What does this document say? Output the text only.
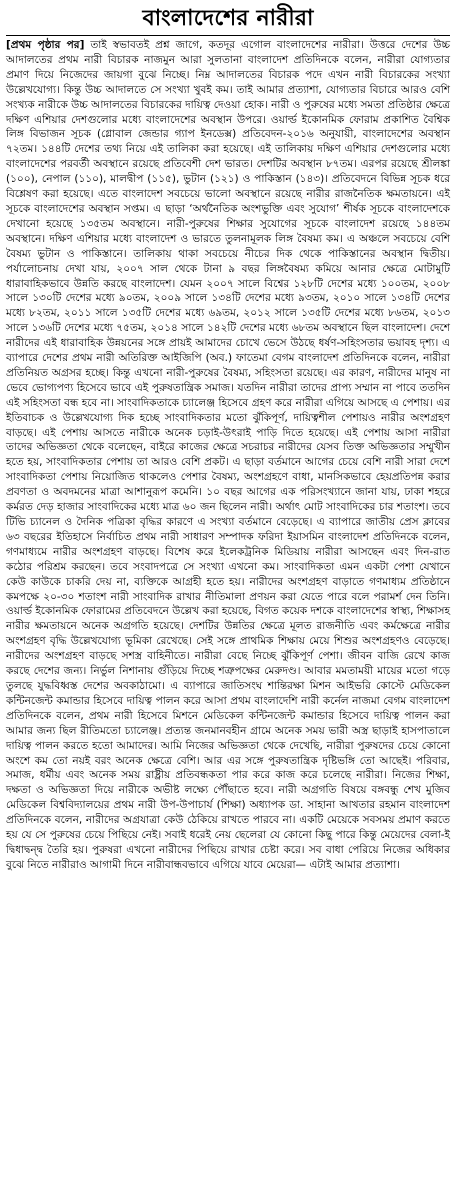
বাংলাদেশের নারীরা

[প্রথম পৃষ্ঠার পর] তাই স্বভাবতই প্রশ্ন জাগে, কতদূর এগোল বাংলাদেশের নারীরা। উত্তরে দেশের উচ্চ আদালতের প্রথম নারী বিচারক নাজমুন আরা সুলতানা বাংলাদেশ প্রতিদিনকে বলেন, নারীরা যোগ্যতার প্রমাণ দিয়ে নিজেদের জায়গা বুঝে নিচ্ছে। নিম্ন আদালতের বিচারক পদে এখন নারী বিচারকের সংখ্যা উল্লেখযোগ্য। কিন্তু উচ্চ আদালতে সে সংখ্যা খুবই কম। তাই আমার প্রত্যাশা, যোগ্যতার বিচারে আরও বেশি সংখ্যক নারীকে উচ্চ আদালতের বিচারকের দায়িত্ব দেওয়া হোক। নারী ও পুরুষের মধ্যে সমতা প্রতিষ্ঠার ক্ষেত্রে দক্ষিণ এশিয়ার দেশগুলোর মধ্যে বাংলাদেশের অবস্থান উপরে। ওয়ার্ল্ড ইকোনমিক ফোরাম প্রকাশিত বৈশ্বিক লিঙ্গ বিভাজন সূচক (গ্লোবাল জেন্ডার গ্যাপ ইনডেক্স) প্রতিবেদন-২০১৬ অনুযায়ী, বাংলাদেশের অবস্থান ৭২তম। ১৪৪টি দেশের তথ্য নিয়ে এই তালিকা করা হয়েছে। এই তালিকায় দক্ষিণ এশিয়ার দেশগুলোর মধ্যে বাংলাদেশের পরবর্তী অবস্থানে রয়েছে প্রতিবেশী দেশ ভারত। দেশটির অবস্থান ৮৭তম। এরপর রয়েছে শ্রীলঙ্কা (১০০), নেপাল (১১০), মালদ্বীপ (১১৫), ভুটান (১২১) ও পাকিস্তান (১৪৩)। প্রতিবেদনে বিভিন্ন সূচক ধরে বিশ্লেষণ করা হয়েছে। এতে বাংলাদেশ সবচেয়ে ভালো অবস্থানে রয়েছে নারীর রাজনৈতিক ক্ষমতায়নে। এই সূচকে বাংলাদেশের অবস্থান সপ্তম। এ ছাড়া ‘অর্থনৈতিক অংশভুক্তি এবং সুযোগ’ শীর্ষক সূচকে বাংলাদেশকে দেখানো হয়েছে ১৩৫তম অবস্থানে। নারী-পুরুষের শিক্ষার সুযোগের সূচকে বাংলাদেশ রয়েছে ১৪৪তম অবস্থানে। দক্ষিণ এশিয়ার মধ্যে বাংলাদেশ ও ভারতে তুলনামূলক লিঙ্গ বৈষম্য কম। এ অঞ্চলে সবচেয়ে বেশি বৈষম্য ভুটান ও পাকিস্তানে। তালিকায় থাকা সবচেয়ে নীচের দিক থেকে পাকিস্তানের অবস্থান দ্বিতীয়। পর্যালোচনায় দেখা যায়, ২০০৭ সাল থেকে টানা ৯ বছর লিঙ্গবৈষম্য কমিয়ে আনার ক্ষেত্রে মোটামুটি ধারাবাহিকভাবে উন্নতি করছে বাংলাদেশ। যেমন ২০০৭ সালে বিশ্বের ১২৮টি দেশের মধ্যে ১০০তম, ২০০৮ সালে ১৩০টি দেশের মধ্যে ৯০তম, ২০০৯ সালে ১৩৪টি দেশের মধ্যে ৯৩তম, ২০১০ সালে ১৩৪টি দেশের মধ্যে ৮২তম, ২০১১ সালে ১৩৫টি দেশের মধ্যে ৬৯তম, ২০১২ সালে ১৩৫টি দেশের মধ্যে ৮৬তম, ২০১৩ সালে ১৩৬টি দেশের মধ্যে ৭৫তম, ২০১৪ সালে ১৪২টি দেশের মধ্যে ৬৮তম অবস্থানে ছিল বাংলাদেশ। দেশে নারীদের এই ধারাবাহিক উন্নয়নের সঙ্গে প্রায়ই আমাদের চোখে ভেসে উঠছে ধর্ষণ-সহিংসতার ভয়াবহ দৃশ্য। এ ব্যাপারে দেশের প্রথম নারী অতিরিক্ত আইজিপি (অব.) ফাতেমা বেগম বাংলাদেশ প্রতিদিনকে বলেন, নারীরা প্রতিনিয়ত অগ্রসর হচ্ছে। কিন্তু এখনো নারী-পুরুষের বৈষম্য, সহিংসতা রয়েছে। এর কারণ, নারীদের মানুষ না ভেবে ভোগ্যপণ্য হিসেবে ভাবে এই পুরুষতান্ত্রিক সমাজ। যতদিন নারীরা তাদের প্রাপ্য সম্মান না পাবে ততদিন এই সহিংসতা বন্ধ হবে না। সাংবাদিকতাকে চ্যালেঞ্জ হিসেবে গ্রহণ করে নারীরা এগিয়ে আসছে এ পেশায়। এর ইতিবাচক ও উল্লেখযোগ্য দিক হচ্ছে সাংবাদিকতার মতো ঝুঁকিপূর্ণ, দায়িত্বশীল পেশায়ও নারীর অংশগ্রহণ বাড়ছে। এই পেশায় আসতে নারীকে অনেক চড়াই-উৎরাই পাড়ি দিতে হয়েছে। এই পেশায় আসা নারীরা তাদের অভিজ্ঞতা থেকে বলেছেন, বাইরে কাজের ক্ষেত্রে সচরাচর নারীদের যেসব তিক্ত অভিজ্ঞতার সম্মুখীন হতে হয়, সাংবাদিকতার পেশায় তা আরও বেশি প্রকট। এ ছাড়া বর্তমানে আগের চেয়ে বেশি নারী সারা দেশে সাংবাদিকতা পেশায় নিয়োজিত থাকলেও পেশার বৈষম্য, অংশগ্রহণে বাধা, মানসিকভাবে হেয়প্রতিপন্ন করার প্রবণতা ও অবদমনের মাত্রা আশানুরূপ কমেনি। ১০ বছর আগের এক পরিসংখ্যানে জানা যায়, ঢাকা শহরে কর্মরত দেড় হাজার সাংবাদিকের মধ্যে মাত্র ৬০ জন ছিলেন নারী। অর্থাৎ মোট সাংবাদিকের চার শতাংশ। তবে টিভি চ্যানেল ও দৈনিক পত্রিকা বৃদ্ধির কারণে এ সংখ্যা বর্তমানে বেড়েছে। এ ব্যাপারে জাতীয় প্রেস ক্লাবের ৬৩ বছরের ইতিহাসে নির্বাচিত প্রথম নারী সাধারণ সম্পাদক ফরিদা ইয়াসমিন বাংলাদেশ প্রতিদিনকে বলেন, গণমাধ্যমে নারীর অংশগ্রহণ বাড়ছে। বিশেষ করে ইলেকট্রনিক মিডিয়ায় নারীরা আসছেন এবং দিন-রাত কঠোর পরিশ্রম করছেন। তবে সংবাদপত্রে সে সংখ্যা এখনো কম। সাংবাদিকতা এমন একটা পেশা যেখানে কেউ কাউকে চাকরি দেয় না, ব্যক্তিকে আগ্রহী হতে হয়। নারীদের অংশগ্রহণ বাড়াতে গণমাধ্যম প্রতিষ্ঠানে কমপক্ষে ২০-৩০ শতাংশ নারী সাংবাদিক রাখার নীতিমালা প্রণয়ন করা যেতে পারে বলে পরামর্শ দেন তিনি। ওয়ার্ল্ড ইকোনমিক ফোরামের প্রতিবেদনে উল্লেখ করা হয়েছে, বিগত কয়েক দশকে বাংলাদেশের স্বাস্থ্য, শিক্ষাসহ নারীর ক্ষমতায়নে অনেক অগ্রগতি হয়েছে। দেশটির উন্নতির ক্ষেত্রে মূলত রাজনীতি এবং কর্মক্ষেত্রে নারীর অংশগ্রহণ বৃদ্ধি উল্লেখযোগ্য ভূমিকা রেখেছে। সেই সঙ্গে প্রাথমিক শিক্ষায় মেয়ে শিশুর অংশগ্রহণও বেড়েছে। নারীদের অংশগ্রহণ বাড়ছে সশস্ত্র বাহিনীতে। নারীরা বেছে নিচ্ছে ঝুঁকিপূর্ণ পেশা। জীবন বাজি রেখে কাজ করছে দেশের জন্য। নির্ভুল নিশানায় গুঁড়িয়ে দিচ্ছে শত্রুপক্ষের মেরুদণ্ড। আবার মমতাময়ী মায়ের মতো গড়ে তুলছে যুদ্ধবিধ্বস্ত দেশের অবকাঠামো। এ ব্যাপারে জাতিসংঘ শান্তিরক্ষা মিশন আইভরি কোস্টে মেডিকেল কন্টিনজেন্ট কমান্ডার হিসেবে দায়িত্ব পালন করে আসা প্রথম বাংলাদেশি নারী কর্নেল নাজমা বেগম বাংলাদেশ প্রতিদিনকে বলেন, প্রথম নারী হিসেবে মিশনে মেডিকেল কন্টিনজেন্ট কমান্ডার হিসেবে দায়িত্ব পালন করা আমার জন্য ছিল রীতিমতো চ্যালেঞ্জ। প্রত্যন্ত জনমানবহীন গ্রামে অনেক সময় ভারী অস্ত্র ছাড়াই হাসপাতালে দায়িত্ব পালন করতে হতো আমাদের। আমি নিজের অভিজ্ঞতা থেকে দেখেছি, নারীরা পুরুষদের চেয়ে কোনো অংশে কম তো নয়ই বরং অনেক ক্ষেত্রে বেশি। আর এর সঙ্গে পুরুষতান্ত্রিক দৃষ্টিভঙ্গি তো আছেই। পরিবার, সমাজ, ধর্মীয় এবং অনেক সময় রাষ্ট্রীয় প্রতিবন্ধকতা পার করে কাজ করে চলেছে নারীরা। নিজের শিক্ষা, দক্ষতা ও অভিজ্ঞতা দিয়ে নারীকে অভীষ্ট লক্ষ্যে পৌঁছাতে হবে। নারী অগ্রগতি বিষয়ে বঙ্গবন্ধু শেখ মুজিব মেডিকেল বিশ্ববিদ্যালয়ের প্রথম নারী উপ-উপাচার্য (শিক্ষা) অধ্যাপক ডা. সাহানা আখতার রহমান বাংলাদেশ প্রতিদিনকে বলেন, নারীদের অগ্রযাত্রা কেউ ঠেকিয়ে রাখতে পারবে না। একটি মেয়েকে সবসময় প্রমাণ করতে হয় যে সে পুরুষের চেয়ে পিছিয়ে নেই। সবাই ধরেই নেয় ছেলেরা যে কোনো কিছু পারে কিন্তু মেয়েদের বেলা-ই দ্বিধাদ্বন্দ্ব তৈরি হয়। পুরুষরা এখনো নারীদের পিছিয়ে রাখার চেষ্টা করে। সব বাধা পেরিয়ে নিজের অধিকার বুঝে নিতে নারীরাও আগামী দিনে নারীবান্ধবভাবে এগিয়ে যাবে মেয়েরা— এটাই আমার প্রত্যাশা।
